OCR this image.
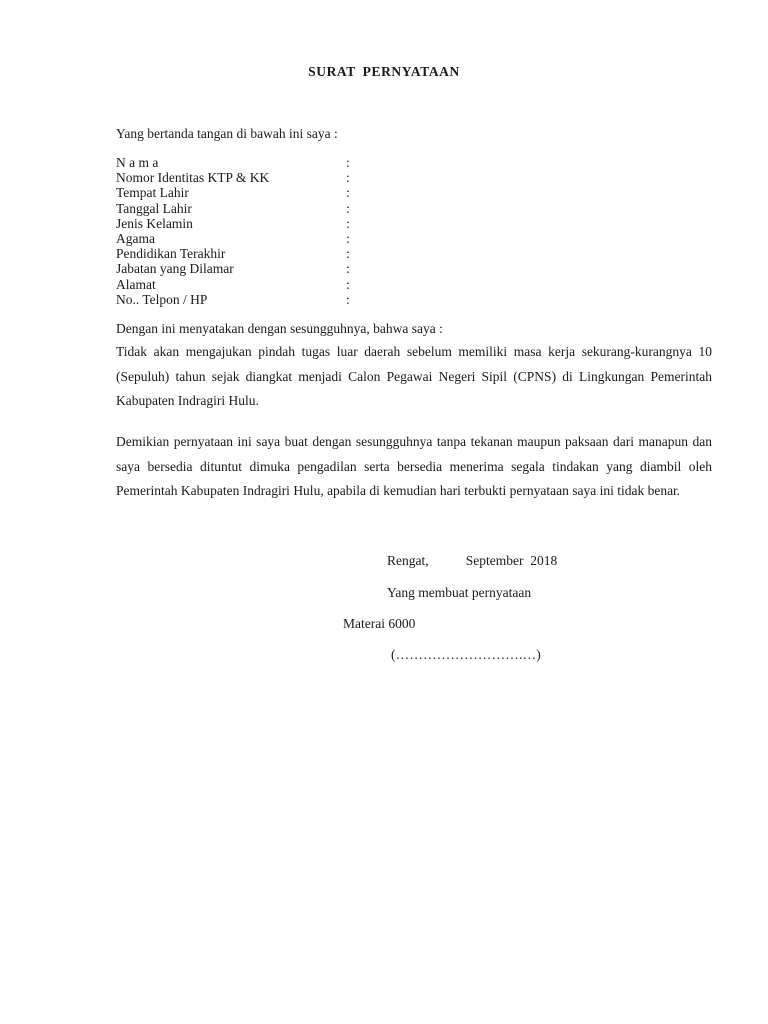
SURAT PERNYATAAN
Yang bertanda tangan di bawah ini saya :
N a m a	:
Nomor Identitas KTP & KK	:
Tempat Lahir	:
Tanggal Lahir	:
Jenis Kelamin	:
Agama	:
Pendidikan Terakhir	:
Jabatan yang Dilamar	:
Alamat	:
No.. Telpon / HP	:
Dengan ini menyatakan dengan sesungguhnya, bahwa saya :
Tidak akan mengajukan pindah tugas luar daerah sebelum memiliki masa kerja sekurang-kurangnya 10 (Sepuluh) tahun sejak diangkat menjadi Calon Pegawai Negeri Sipil (CPNS) di Lingkungan Pemerintah Kabupaten Indragiri Hulu.
Demikian pernyataan ini saya buat dengan sesungguhnya tanpa tekanan maupun paksaan dari manapun dan saya bersedia dituntut dimuka pengadilan serta bersedia menerima segala tindakan yang diambil oleh Pemerintah Kabupaten Indragiri Hulu, apabila di kemudian hari terbukti pernyataan saya ini tidak benar.
Rengat,           September  2018
Yang membuat pernyataan
Materai 6000
(……………………….…)
